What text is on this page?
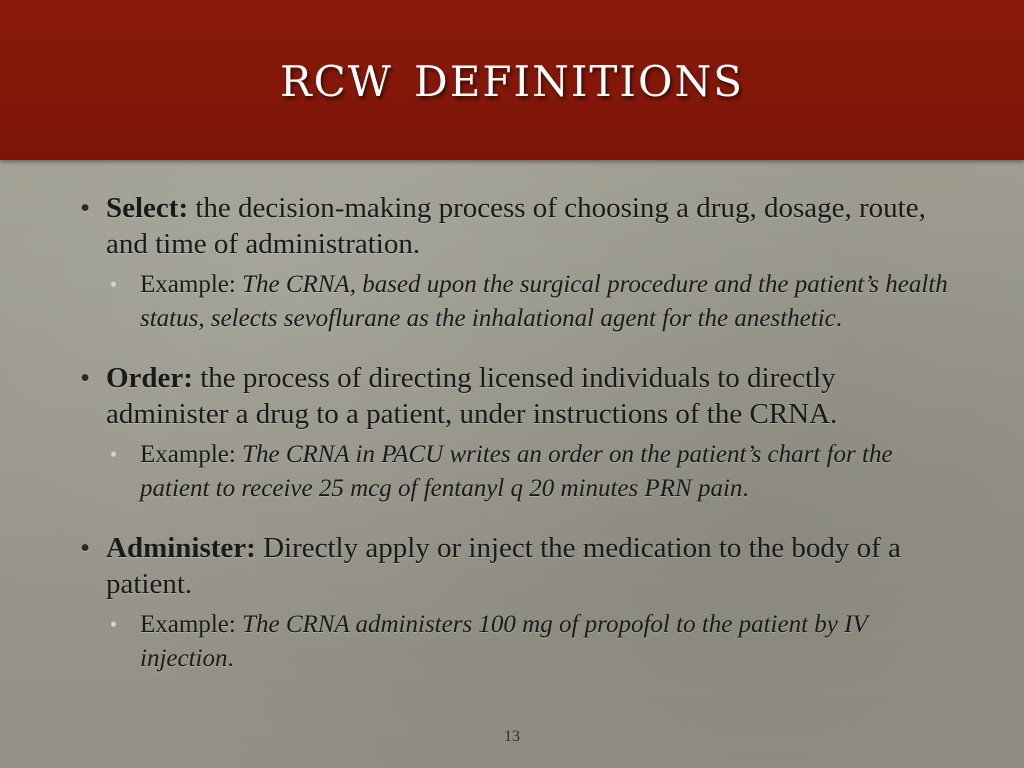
rcw definitions
• Select: the decision-making process of choosing a drug, dosage, route, and time of administration.
• Example: The CRNA, based upon the surgical procedure and the patient’s health status, selects sevoflurane as the inhalational agent for the anesthetic.
• Order: the process of directing licensed individuals to directly administer a drug to a patient, under instructions of the CRNA.
• Example: The CRNA in PACU writes an order on the patient’s chart for the patient to receive 25 mcg of fentanyl q 20 minutes PRN pain.
• Administer: Directly apply or inject the medication to the body of a patient.
• Example: The CRNA administers 100 mg of propofol to the patient by IV injection.
13
